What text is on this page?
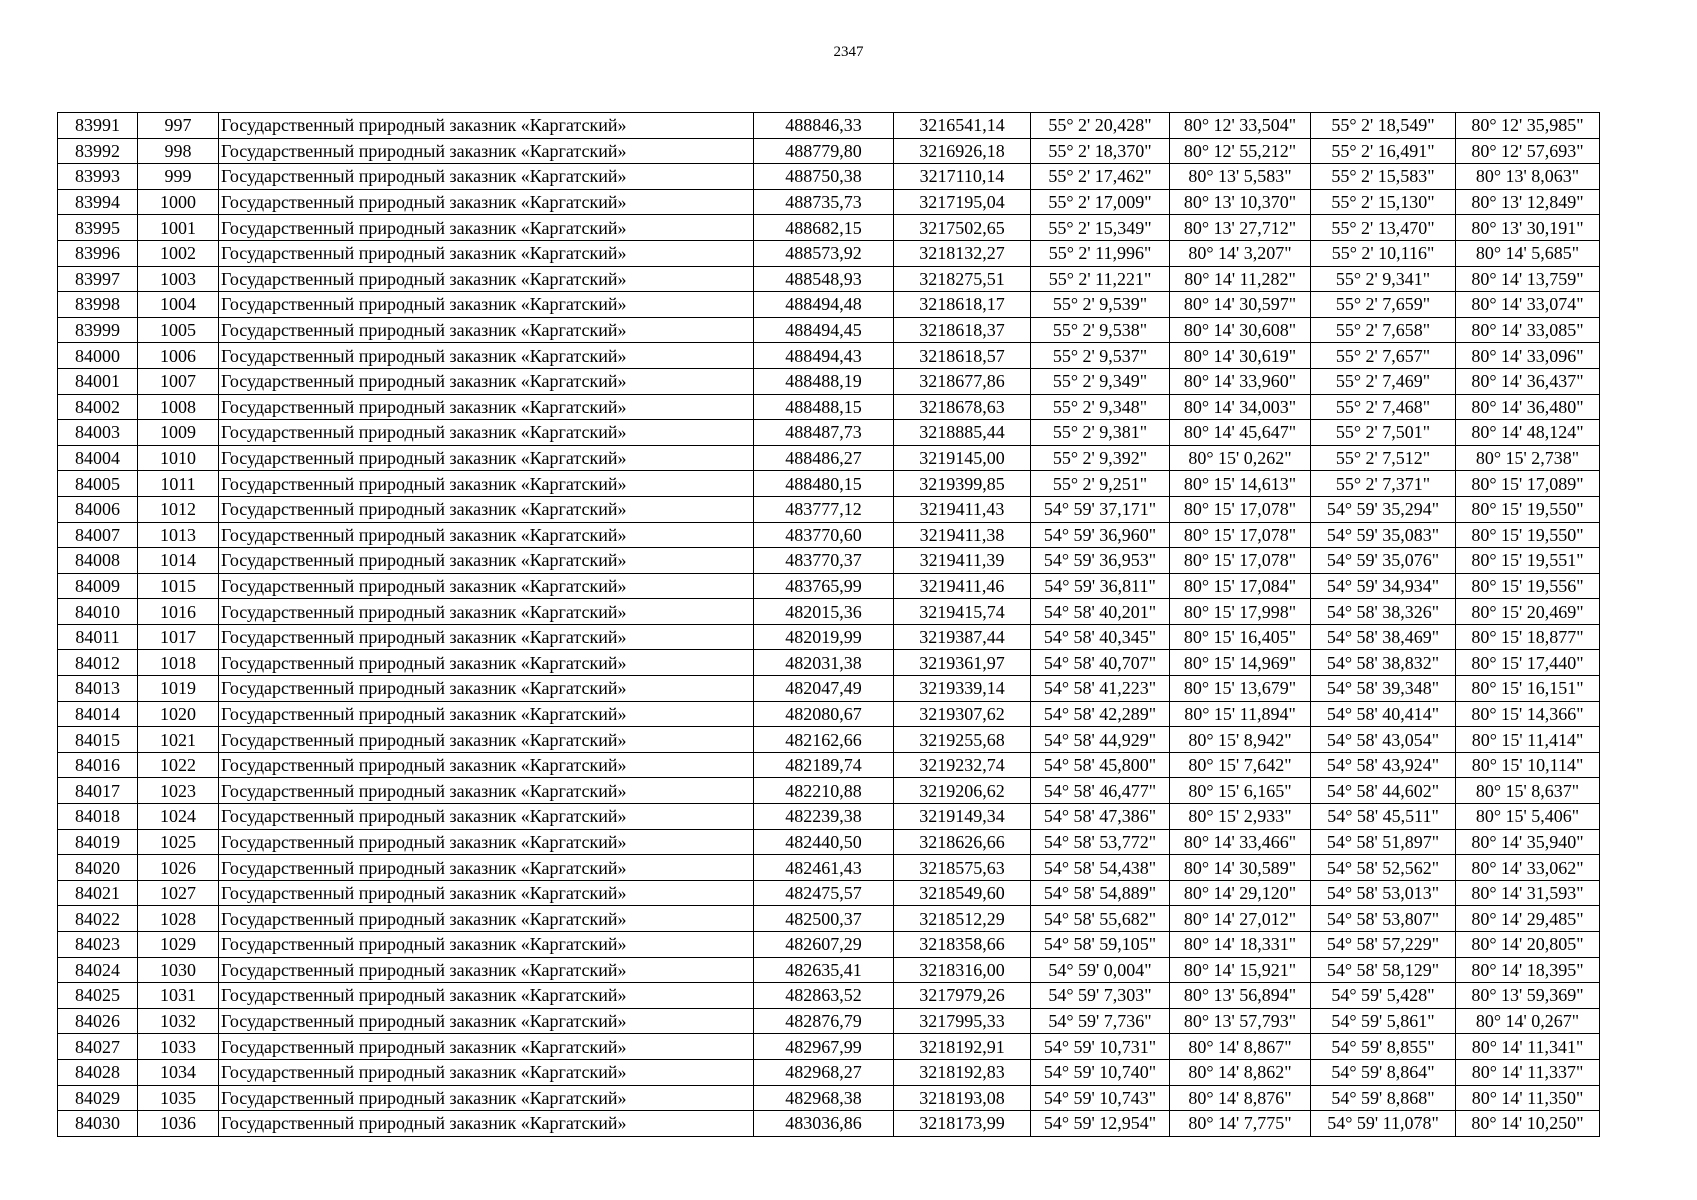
2347
83991	997	Государственный природный заказник «Каргатский»	488846,33	3216541,14	55° 2' 20,428"	80° 12' 33,504"	55° 2' 18,549"	80° 12' 35,985"
83992	998	Государственный природный заказник «Каргатский»	488779,80	3216926,18	55° 2' 18,370"	80° 12' 55,212"	55° 2' 16,491"	80° 12' 57,693"
83993	999	Государственный природный заказник «Каргатский»	488750,38	3217110,14	55° 2' 17,462"	80° 13' 5,583"	55° 2' 15,583"	80° 13' 8,063"
83994	1000	Государственный природный заказник «Каргатский»	488735,73	3217195,04	55° 2' 17,009"	80° 13' 10,370"	55° 2' 15,130"	80° 13' 12,849"
83995	1001	Государственный природный заказник «Каргатский»	488682,15	3217502,65	55° 2' 15,349"	80° 13' 27,712"	55° 2' 13,470"	80° 13' 30,191"
83996	1002	Государственный природный заказник «Каргатский»	488573,92	3218132,27	55° 2' 11,996"	80° 14' 3,207"	55° 2' 10,116"	80° 14' 5,685"
83997	1003	Государственный природный заказник «Каргатский»	488548,93	3218275,51	55° 2' 11,221"	80° 14' 11,282"	55° 2' 9,341"	80° 14' 13,759"
83998	1004	Государственный природный заказник «Каргатский»	488494,48	3218618,17	55° 2' 9,539"	80° 14' 30,597"	55° 2' 7,659"	80° 14' 33,074"
83999	1005	Государственный природный заказник «Каргатский»	488494,45	3218618,37	55° 2' 9,538"	80° 14' 30,608"	55° 2' 7,658"	80° 14' 33,085"
84000	1006	Государственный природный заказник «Каргатский»	488494,43	3218618,57	55° 2' 9,537"	80° 14' 30,619"	55° 2' 7,657"	80° 14' 33,096"
84001	1007	Государственный природный заказник «Каргатский»	488488,19	3218677,86	55° 2' 9,349"	80° 14' 33,960"	55° 2' 7,469"	80° 14' 36,437"
84002	1008	Государственный природный заказник «Каргатский»	488488,15	3218678,63	55° 2' 9,348"	80° 14' 34,003"	55° 2' 7,468"	80° 14' 36,480"
84003	1009	Государственный природный заказник «Каргатский»	488487,73	3218885,44	55° 2' 9,381"	80° 14' 45,647"	55° 2' 7,501"	80° 14' 48,124"
84004	1010	Государственный природный заказник «Каргатский»	488486,27	3219145,00	55° 2' 9,392"	80° 15' 0,262"	55° 2' 7,512"	80° 15' 2,738"
84005	1011	Государственный природный заказник «Каргатский»	488480,15	3219399,85	55° 2' 9,251"	80° 15' 14,613"	55° 2' 7,371"	80° 15' 17,089"
84006	1012	Государственный природный заказник «Каргатский»	483777,12	3219411,43	54° 59' 37,171"	80° 15' 17,078"	54° 59' 35,294"	80° 15' 19,550"
84007	1013	Государственный природный заказник «Каргатский»	483770,60	3219411,38	54° 59' 36,960"	80° 15' 17,078"	54° 59' 35,083"	80° 15' 19,550"
84008	1014	Государственный природный заказник «Каргатский»	483770,37	3219411,39	54° 59' 36,953"	80° 15' 17,078"	54° 59' 35,076"	80° 15' 19,551"
84009	1015	Государственный природный заказник «Каргатский»	483765,99	3219411,46	54° 59' 36,811"	80° 15' 17,084"	54° 59' 34,934"	80° 15' 19,556"
84010	1016	Государственный природный заказник «Каргатский»	482015,36	3219415,74	54° 58' 40,201"	80° 15' 17,998"	54° 58' 38,326"	80° 15' 20,469"
84011	1017	Государственный природный заказник «Каргатский»	482019,99	3219387,44	54° 58' 40,345"	80° 15' 16,405"	54° 58' 38,469"	80° 15' 18,877"
84012	1018	Государственный природный заказник «Каргатский»	482031,38	3219361,97	54° 58' 40,707"	80° 15' 14,969"	54° 58' 38,832"	80° 15' 17,440"
84013	1019	Государственный природный заказник «Каргатский»	482047,49	3219339,14	54° 58' 41,223"	80° 15' 13,679"	54° 58' 39,348"	80° 15' 16,151"
84014	1020	Государственный природный заказник «Каргатский»	482080,67	3219307,62	54° 58' 42,289"	80° 15' 11,894"	54° 58' 40,414"	80° 15' 14,366"
84015	1021	Государственный природный заказник «Каргатский»	482162,66	3219255,68	54° 58' 44,929"	80° 15' 8,942"	54° 58' 43,054"	80° 15' 11,414"
84016	1022	Государственный природный заказник «Каргатский»	482189,74	3219232,74	54° 58' 45,800"	80° 15' 7,642"	54° 58' 43,924"	80° 15' 10,114"
84017	1023	Государственный природный заказник «Каргатский»	482210,88	3219206,62	54° 58' 46,477"	80° 15' 6,165"	54° 58' 44,602"	80° 15' 8,637"
84018	1024	Государственный природный заказник «Каргатский»	482239,38	3219149,34	54° 58' 47,386"	80° 15' 2,933"	54° 58' 45,511"	80° 15' 5,406"
84019	1025	Государственный природный заказник «Каргатский»	482440,50	3218626,66	54° 58' 53,772"	80° 14' 33,466"	54° 58' 51,897"	80° 14' 35,940"
84020	1026	Государственный природный заказник «Каргатский»	482461,43	3218575,63	54° 58' 54,438"	80° 14' 30,589"	54° 58' 52,562"	80° 14' 33,062"
84021	1027	Государственный природный заказник «Каргатский»	482475,57	3218549,60	54° 58' 54,889"	80° 14' 29,120"	54° 58' 53,013"	80° 14' 31,593"
84022	1028	Государственный природный заказник «Каргатский»	482500,37	3218512,29	54° 58' 55,682"	80° 14' 27,012"	54° 58' 53,807"	80° 14' 29,485"
84023	1029	Государственный природный заказник «Каргатский»	482607,29	3218358,66	54° 58' 59,105"	80° 14' 18,331"	54° 58' 57,229"	80° 14' 20,805"
84024	1030	Государственный природный заказник «Каргатский»	482635,41	3218316,00	54° 59' 0,004"	80° 14' 15,921"	54° 58' 58,129"	80° 14' 18,395"
84025	1031	Государственный природный заказник «Каргатский»	482863,52	3217979,26	54° 59' 7,303"	80° 13' 56,894"	54° 59' 5,428"	80° 13' 59,369"
84026	1032	Государственный природный заказник «Каргатский»	482876,79	3217995,33	54° 59' 7,736"	80° 13' 57,793"	54° 59' 5,861"	80° 14' 0,267"
84027	1033	Государственный природный заказник «Каргатский»	482967,99	3218192,91	54° 59' 10,731"	80° 14' 8,867"	54° 59' 8,855"	80° 14' 11,341"
84028	1034	Государственный природный заказник «Каргатский»	482968,27	3218192,83	54° 59' 10,740"	80° 14' 8,862"	54° 59' 8,864"	80° 14' 11,337"
84029	1035	Государственный природный заказник «Каргатский»	482968,38	3218193,08	54° 59' 10,743"	80° 14' 8,876"	54° 59' 8,868"	80° 14' 11,350"
84030	1036	Государственный природный заказник «Каргатский»	483036,86	3218173,99	54° 59' 12,954"	80° 14' 7,775"	54° 59' 11,078"	80° 14' 10,250"
